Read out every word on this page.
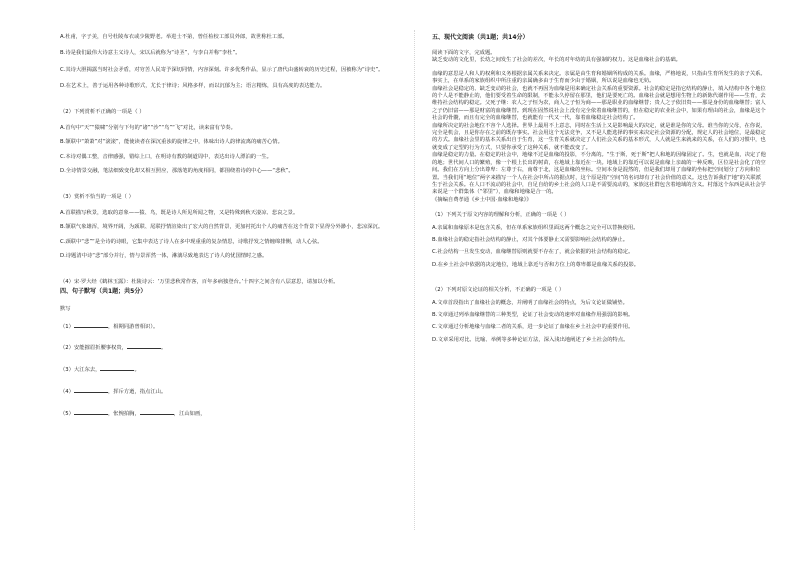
A.杜甫，字子美，自号杜陵布衣或少陵野老。举进士不第，曾任检校工部员外郎，故世称杜工部。

B.诗是我们最伟大诗意主义诗人，宋以后就称为“诗圣”，与李白并称“李杜”。

C.其诗大胆揭露当时社会矛盾，对穷苦人民寄予深切同情，内容深刻。许多优秀作品，显示了唐代由盛转衰的历史过程，因被称为“诗史”。

D.在艺术上，善于运用各种诗歌形式，尤长于律诗；风格多样，而以沉郁为主；语言精炼，具有高度的表达能力。

（2）下列赏析不正确的一项是（ ）

A.首句中“天”“猿啸”分别与下句的“诸”“沙”“鸟”“飞”对比，读来富有节奏。

B.颔联中“萧萧”对“滚滚”，能使读者在深沉重浊的旋律之中，体味出诗人韵律流离的痛苦心情。

C.本诗对偶工整，音律感强，错综上口，在明诗有教的制道周中，表达出诗人漂泊的一生。

D.全诗情景交融，笔法细致变化却又相互照应，那落笔的角度相同，都围绕着诗的中心——“悲秋”。

（3）赏析不恰当的一项是（ ）

A.首联描写秋景，选取的意象——猿、鸟，既是诗人所见所闻之物，又是特殊到秋天凄凉、悲哀之景。

B.颔联气象雄浑，境界开阔，为颈联、尾联抒情渲染出了宏大的自然背景，更加衬托出个人的痛苦在这个背景下显得分外渺小，悲凉深沉。

C.颈联中“悲”“是全诗的诗眼，它集中表达了诗人在多中现重重的复杂情思，诗歌抒发之情缠绵排恻，动人心弦。

D.诗题清中诗“悲”部分并行，情与景浑然一体，淋漓尽致地表达了诗人的忧国情时之感。

（4）宋·罗大经《鹤林玉露》：杜陵诗云：‘万里悲秋常作客，百年多病独登台。’十四字之间含有八层意思，请加以分析。

四、句子默写（共1题；共5分）

默写

（1）	，相期同游曾相识）。

（2）安能摧眉折腰事权贵，	。

（3）大江东去，	。

（4）	，挥斥方遒，指点江山。

（5）	，怅惋拍胸，	，江山如画，

五、现代文阅读（共1题；共14分）

阅读下面的文字，完成题。

缺乏变动的文化里，长幼之间发生了社会的差次，年长的对年幼的具有强制的权力。这是血缘社会的基础。

血缘的意思是人和人的权利和义务根据亲属关系来决定。亲属是由生育和婚姻所构成的关系。血缘，严格地说，只指由生育所发生的亲子关系。事实上，在单系的家族组织中所注重的亲属确多由于生育而少由于婚姻，所以说是血缘也无妨。

血缘社会是稳定的、缺乏变动的社会，也就不再因为血缘是用来确定社会关系的重要资源。社会的稳定是指它结构的静止，填入结构中各个地位的个人是不能静止的，他们要受着生命的限制，不能永久停留在那里，他们是要死亡的。血缘社会就是想用生物上的新陈代谢作用——生育，去维持社会结构的稳定。父死子继：农人之子恒为农，商人之子恒为商——那是职业的血缘继替；贵人之子依旧贵——那是身份的血缘继替；富人之子仍旧富——那是财富的血缘继替。到现在固然说社会上没有完全依着血缘继替的，但在稳定的农业社会中，如果有理由的社会，血缘是这个社会的骨髓，而且有完全的血缘继替，也就能有一代又一代，靠着血缘稳定社会结构了。

血缘所决定的社会地位不容个人选择。世界上最用不上意志，同时在生活上又是影响最大的决定，就是谁是你的父母。谁当你的父母，在你说，完全是机会，且是你存在之前的既存事实。社会用这个无法竞争，又不是人能选择的事实来决定社会资源的分配，规定人的社会地位，是最稳定的方式。血缘社会里的基本关系出自于生育，这一生育关系就决定了人们社会关系的基本形式，人人就是生来就来的关系，在人们的习惯中，也就变成了定型的行为方式，只要你承受了这种关系，就不能改变了。

血缘是稳定的力量。在稳定的社会中，地缘不过是血缘的投影，不分离的。“生于斯，死于斯”把人和地的因缘固定了。生，也就是血，决定了他的地；世代间人口的繁殖，像一个根上长出的树苗，在地域上靠近在一块。地域上的靠近可以说是血缘上亲疏的一种反映，区位是社会化了的空间。我们在方向上分出尊卑：左尊于右，南尊于北，这是血缘的坐标。空间本身是混然的，但是我们却用了血缘的坐标把空间划分了方向和位置。当我们用“地位”两字来描写一个人在社会中所占的据点时，这个原是指“空间”的名词却有了社会价值的意义。这也告诉我们“地”的关联派生于社会关系。在人口不流动的社会中，自足自给的乡土社会的人口是不需要流动的，家族这社群包含着地域的含义。村落这个东西是从社会学来说是一个群集体（“邻里”），血缘和地缘是合一的。

《摘编自费孝通《乡土中国·血缘和地缘》》

（1）下列关于原文内容的理解和分析，正确的一项是（ ）

A.亲属和血缘原本是包含关系，但在单系家族组织里面这两个概念之完全可以替换使用。

B.血缘社会的稳定指社会结构的静止，对其个体要静止又需要影响社会结构的静止。

C.社会结构一旦发生变动，血缘继替原则就要不存在了，就会依据的社会结构的稳定。

D.在乡土社会中依据的决定地位，地域上靠近与否和方位上的尊卑都是血缘关系的投影。

（2）下列对原文论证的相关分析，不正确的一项是（ ）

A.文章首段指出了血缘社会的概念，并阐明了血缘社会的特点，为后文论证做铺垫。

B.文章通过列举血缘继替的三种类型，论证了社会变动的速率对血缘作用强弱的影响。

C.文章通过分析地缘与血缘二者的关系，进一步论证了血缘在乡土社会中的重要作用。

D.文章采用对比、比喻、举例等多种论证方法，深入浅出地阐述了乡土社会的特点。
